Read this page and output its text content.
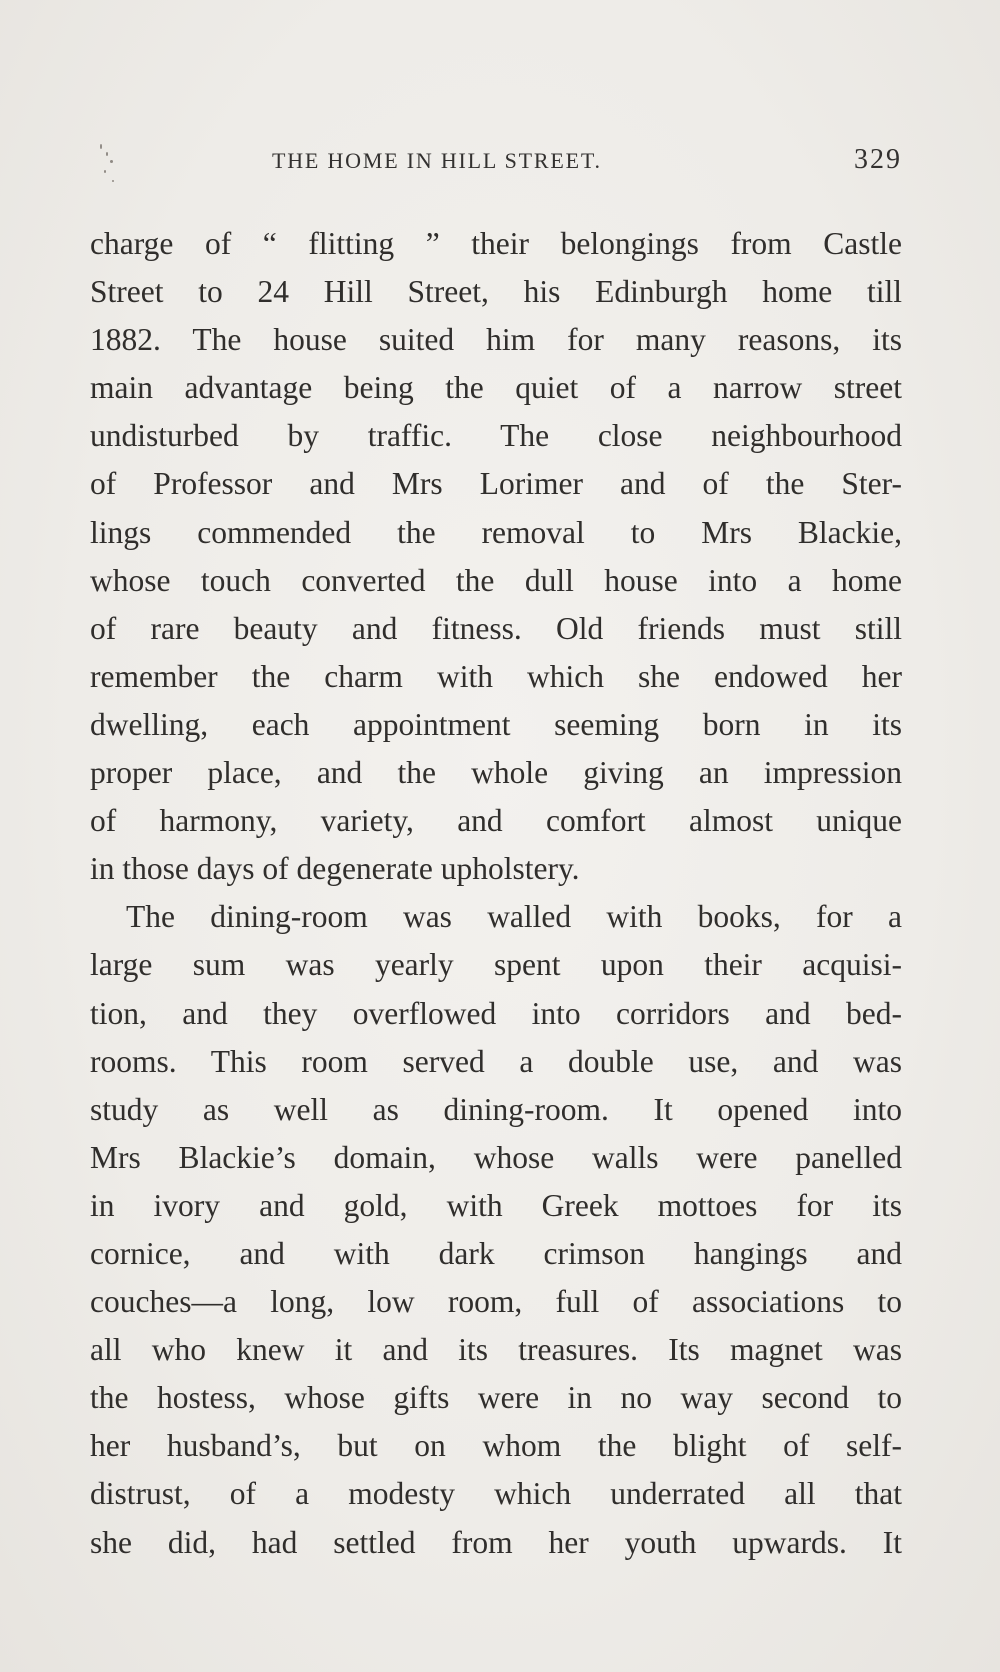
THE HOME IN HILL STREET.	329
charge of “ flitting ” their belongings from Castle
Street to 24 Hill Street, his Edinburgh home till
1882. The house suited him for many reasons, its
main advantage being the quiet of a narrow street
undisturbed by traffic. The close neighbourhood
of Professor and Mrs Lorimer and of the Ster-
lings commended the removal to Mrs Blackie,
whose touch converted the dull house into a home
of rare beauty and fitness. Old friends must still
remember the charm with which she endowed her
dwelling, each appointment seeming born in its
proper place, and the whole giving an impression
of harmony, variety, and comfort almost unique
in those days of degenerate upholstery.
The dining-room was walled with books, for a
large sum was yearly spent upon their acquisi-
tion, and they overflowed into corridors and bed-
rooms. This room served a double use, and was
study as well as dining-room. It opened into
Mrs Blackie’s domain, whose walls were panelled
in ivory and gold, with Greek mottoes for its
cornice, and with dark crimson hangings and
couches—a long, low room, full of associations to
all who knew it and its treasures. Its magnet was
the hostess, whose gifts were in no way second to
her husband’s, but on whom the blight of self-
distrust, of a modesty which underrated all that
she did, had settled from her youth upwards. It
